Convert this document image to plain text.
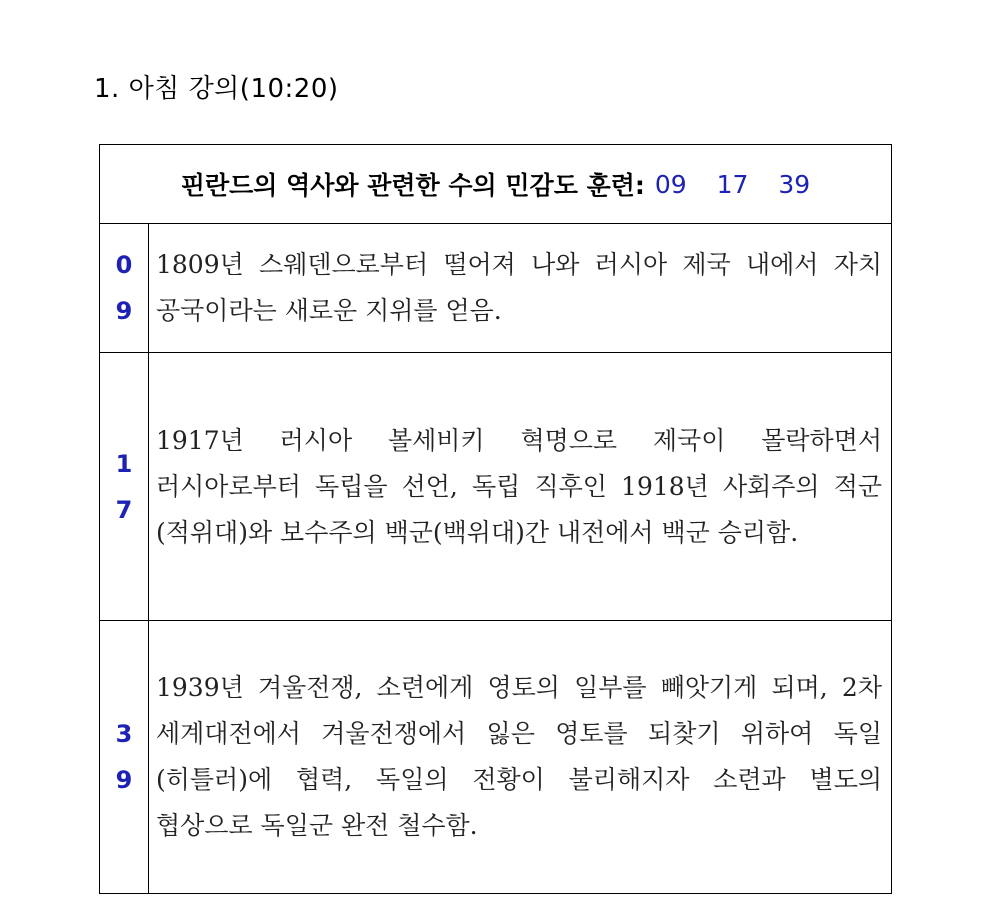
1. 아침 강의(10:20)
핀란드의 역사와 관련한 수의 민감도 훈련: 09 17 39
0
9
1809년 스웨덴으로부터 떨어져 나와 러시아 제국 내에서 자치 공국이라는 새로운 지위를 얻음.
1
7
1917년 러시아 볼세비키 혁명으로 제국이 몰락하면서 러시아로부터 독립을 선언, 독립 직후인 1918년 사회주의 적군(적위대)와 보수주의 백군(백위대)간 내전에서 백군 승리함.
3
9
1939년 겨울전쟁, 소련에게 영토의 일부를 빼앗기게 되며, 2차 세계대전에서 겨울전쟁에서 잃은 영토를 되찾기 위하여 독일(히틀러)에 협력, 독일의 전황이 불리해지자 소련과 별도의 협상으로 독일군 완전 철수함.
